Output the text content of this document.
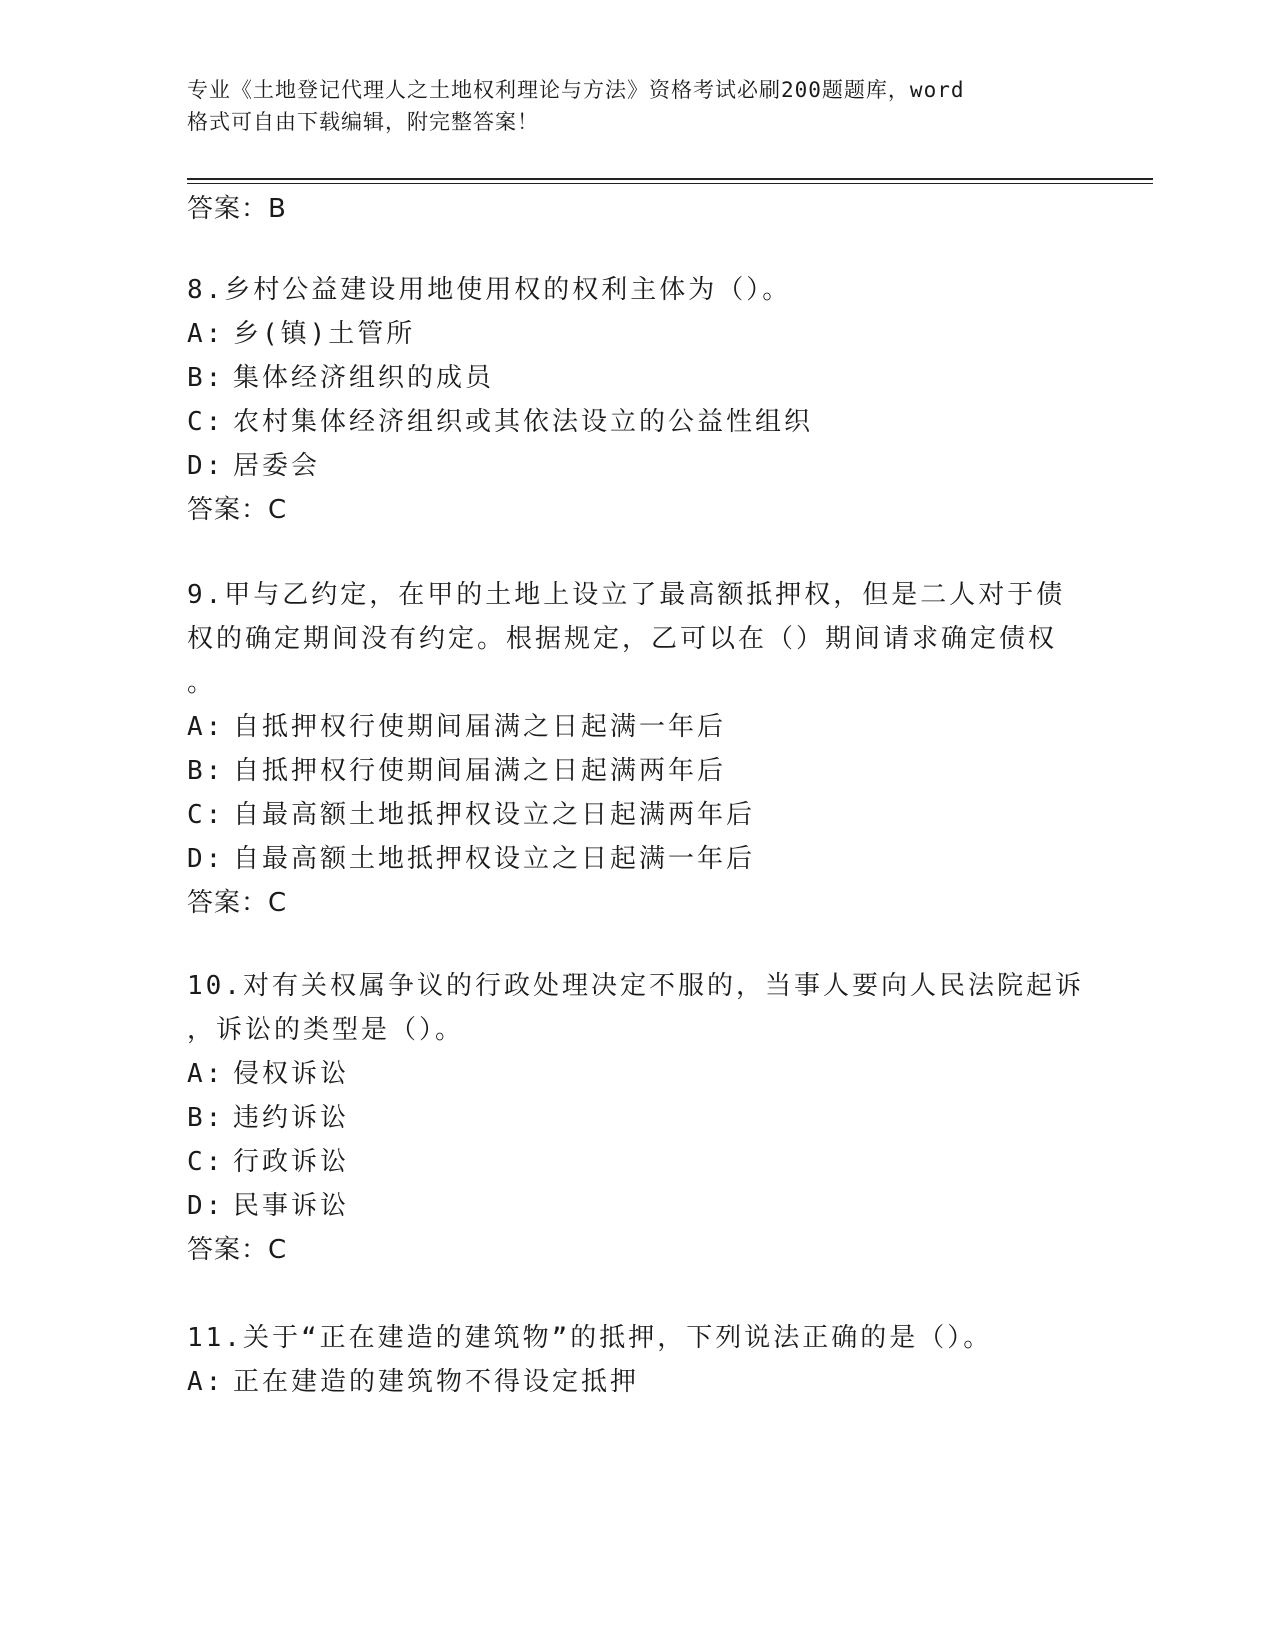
专业《土地登记代理人之土地权利理论与方法》资格考试必刷200题题库，word
格式可自由下载编辑，附完整答案！
答案：B
8.乡村公益建设用地使用权的权利主体为（）。
A: 乡(镇)土管所
B: 集体经济组织的成员
C: 农村集体经济组织或其依法设立的公益性组织
D: 居委会
答案：C
9.甲与乙约定，在甲的土地上设立了最高额抵押权，但是二人对于债
权的确定期间没有约定。根据规定，乙可以在（）期间请求确定债权
。
A: 自抵押权行使期间届满之日起满一年后
B: 自抵押权行使期间届满之日起满两年后
C: 自最高额土地抵押权设立之日起满两年后
D: 自最高额土地抵押权设立之日起满一年后
答案：C
10.对有关权属争议的行政处理决定不服的，当事人要向人民法院起诉
，诉讼的类型是（）。
A: 侵权诉讼
B: 违约诉讼
C: 行政诉讼
D: 民事诉讼
答案：C
11.关于“正在建造的建筑物”的抵押，下列说法正确的是（）。
A: 正在建造的建筑物不得设定抵押
